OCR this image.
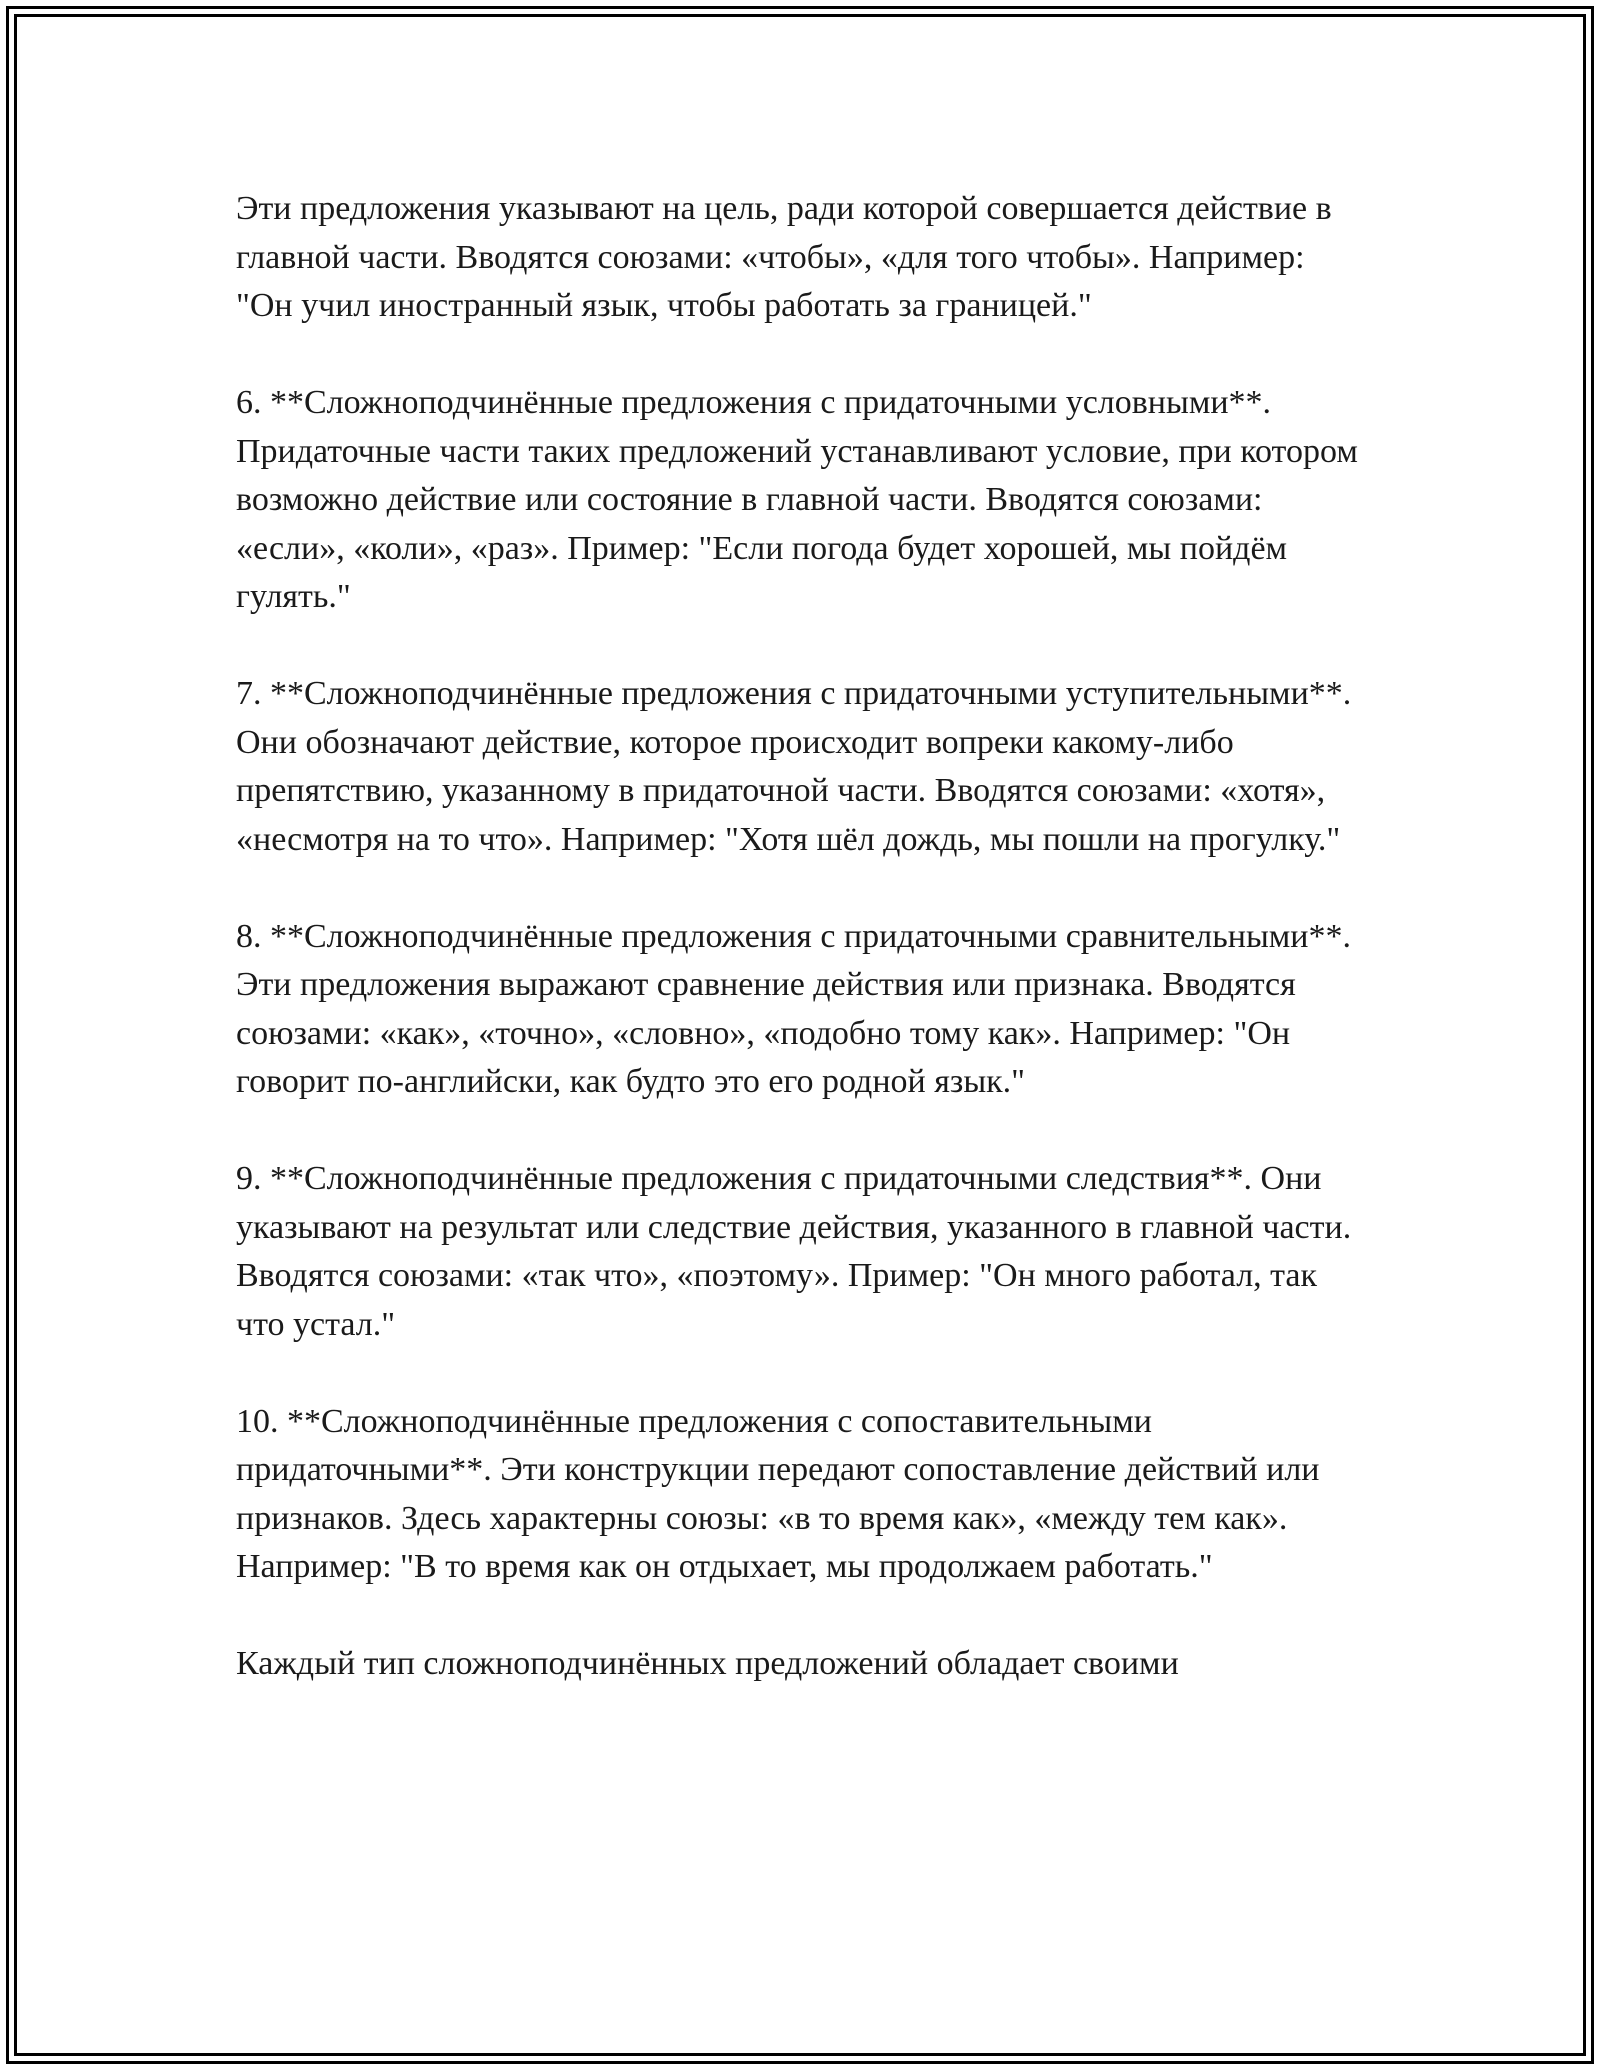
Эти предложения указывают на цель, ради которой совершается действие в главной части. Вводятся союзами: «чтобы», «для того чтобы». Например: "Он учил иностранный язык, чтобы работать за границей."

6. **Сложноподчинённые предложения с придаточными условными**. Придаточные части таких предложений устанавливают условие, при котором возможно действие или состояние в главной части. Вводятся союзами: «если», «коли», «раз». Пример: "Если погода будет хорошей, мы пойдём гулять."

7. **Сложноподчинённые предложения с придаточными уступительными**. Они обозначают действие, которое происходит вопреки какому-либо препятствию, указанному в придаточной части. Вводятся союзами: «хотя», «несмотря на то что». Например: "Хотя шёл дождь, мы пошли на прогулку."

8. **Сложноподчинённые предложения с придаточными сравнительными**. Эти предложения выражают сравнение действия или признака. Вводятся союзами: «как», «точно», «словно», «подобно тому как». Например: "Он говорит по-английски, как будто это его родной язык."

9. **Сложноподчинённые предложения с придаточными следствия**. Они указывают на результат или следствие действия, указанного в главной части. Вводятся союзами: «так что», «поэтому». Пример: "Он много работал, так что устал."

10. **Сложноподчинённые предложения с сопоставительными придаточными**. Эти конструкции передают сопоставление действий или признаков. Здесь характерны союзы: «в то время как», «между тем как». Например: "В то время как он отдыхает, мы продолжаем работать."

Каждый тип сложноподчинённых предложений обладает своими
